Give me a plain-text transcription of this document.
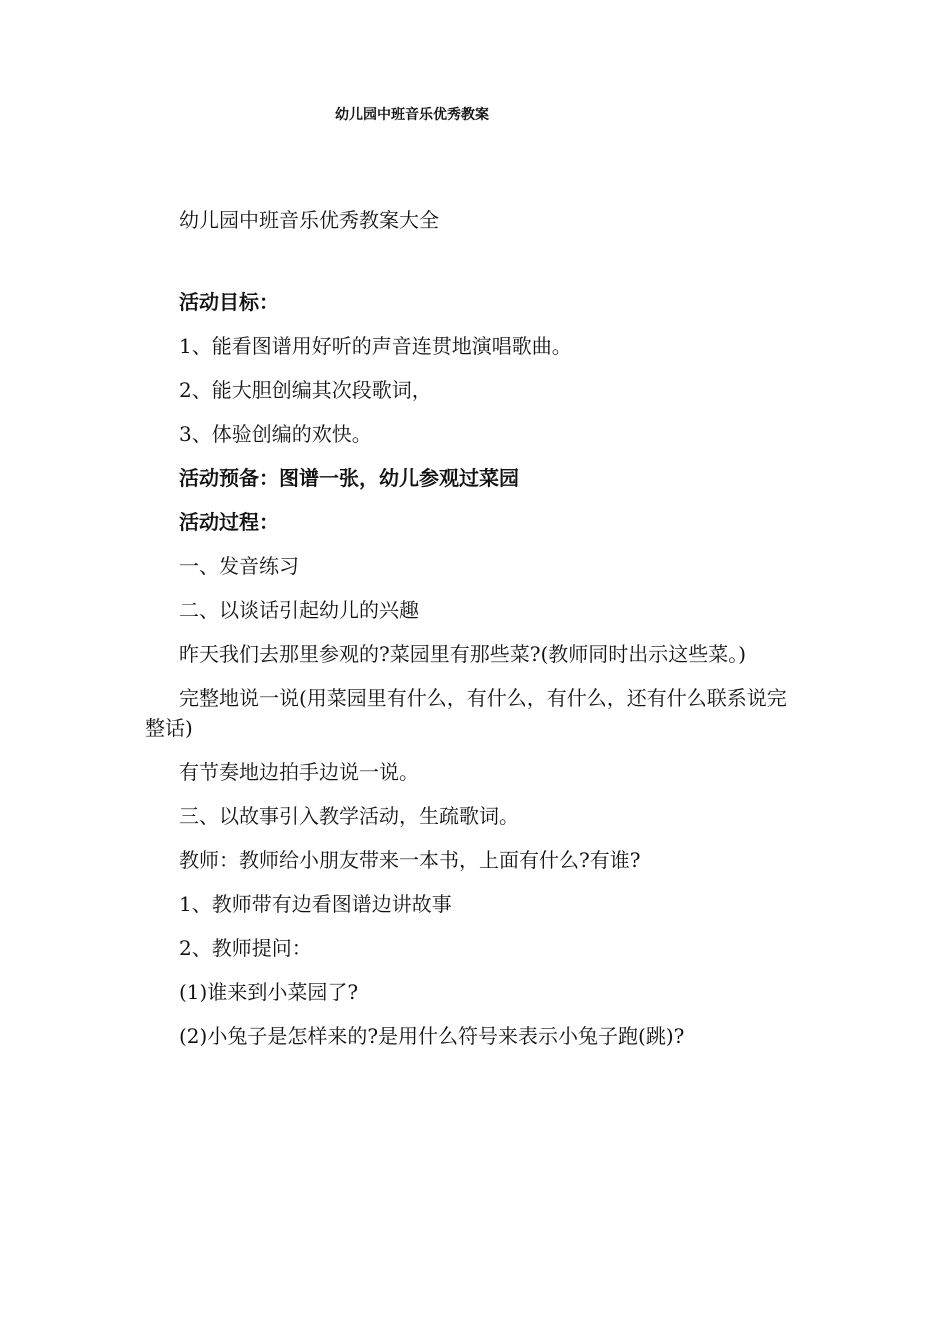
幼儿园中班音乐优秀教案

幼儿园中班音乐优秀教案大全

活动目标：

1、能看图谱用好听的声音连贯地演唱歌曲。

2、能大胆创编其次段歌词，

3、体验创编的欢快。

活动预备：图谱一张，幼儿参观过菜园

活动过程：

一、发音练习

二、以谈话引起幼儿的兴趣

昨天我们去那里参观的?菜园里有那些菜?(教师同时出示这些菜。)

完整地说一说(用菜园里有什么，有什么，有什么，还有什么联系说完整话)

有节奏地边拍手边说一说。

三、以故事引入教学活动，生疏歌词。

教师：教师给小朋友带来一本书，上面有什么?有谁?

1、教师带有边看图谱边讲故事

2、教师提问：

(1)谁来到小菜园了?

(2)小兔子是怎样来的?是用什么符号来表示小兔子跑(跳)?
